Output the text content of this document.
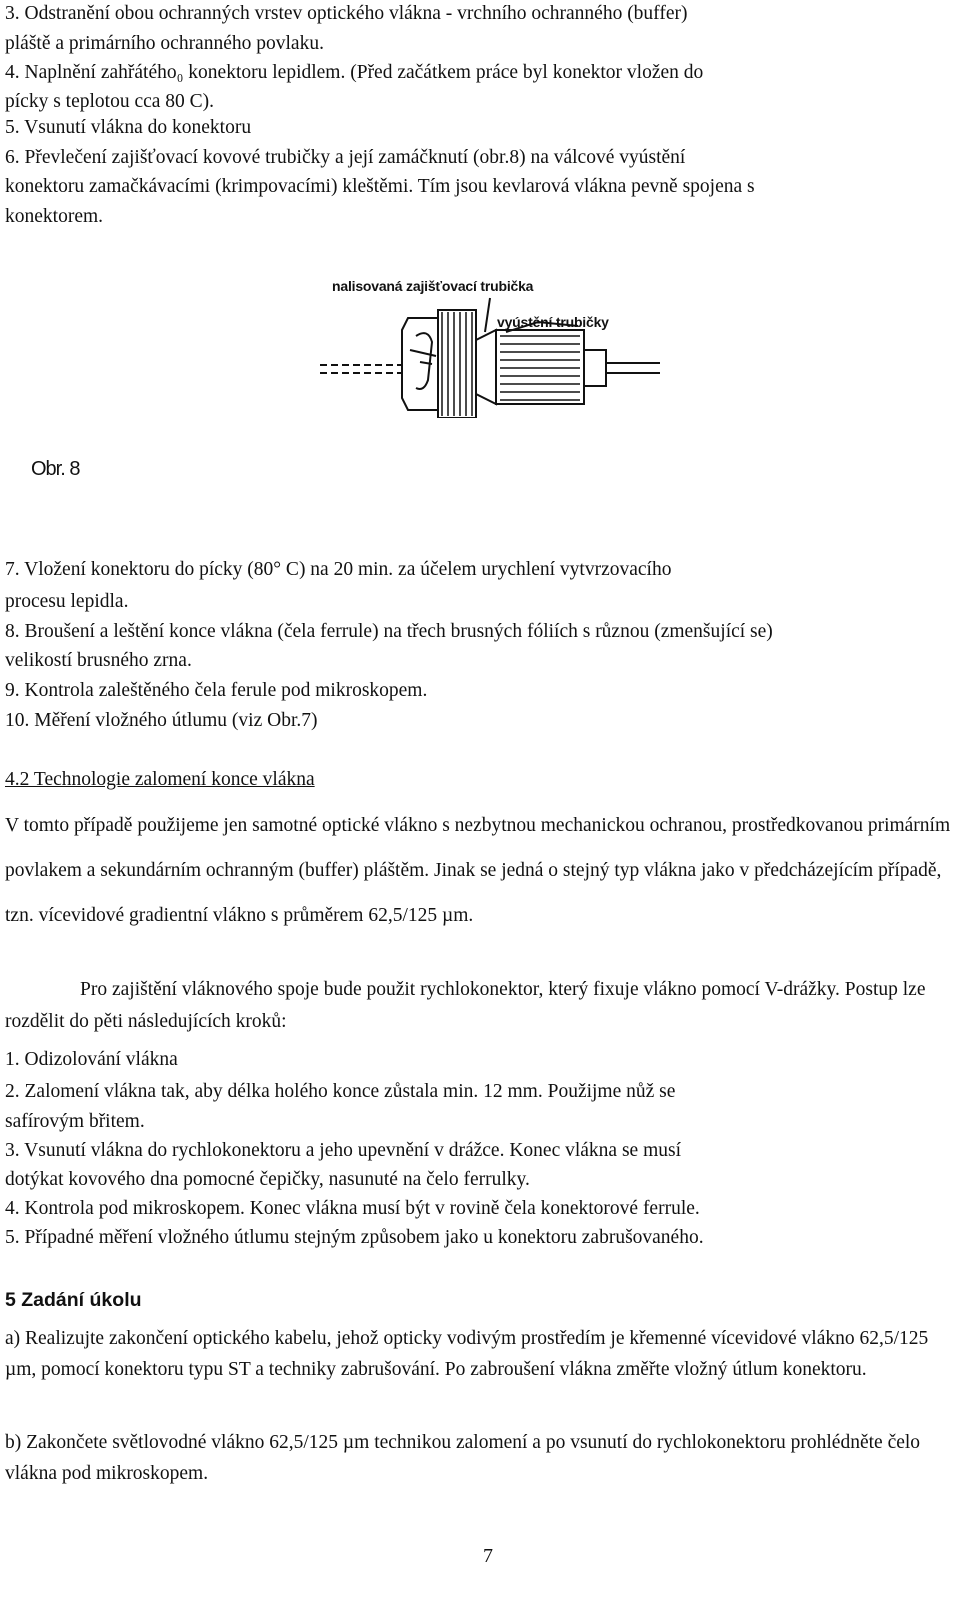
3. Odstranění obou ochranných vrstev optického vlákna - vrchního ochranného (buffer)
pláště a primárního ochranného povlaku.
4. Naplnění zahřátého₀ konektoru lepidlem. (Před začátkem práce byl konektor vložen do
pícky s teplotou cca 80 C).
5. Vsunutí vlákna do konektoru
6. Převlečení zajišťovací kovové trubičky a její zamáčknutí (obr.8) na válcové vyústění
konektoru zamačkávacími (krimpovacími) kleštěmi. Tím jsou kevlarová vlákna pevně spojena s
konektorem.
nalisovaná zajišťovací trubička
vyústění trubičky
Obr. 8
7. Vložení konektoru do pícky (80° C) na 20 min. za účelem urychlení vytvrzovacího
procesu lepidla.
8. Broušení a leštění konce vlákna (čela ferrule) na třech brusných fóliích s různou (zmenšující se)
velikostí brusného zrna.
9. Kontrola zaleštěného čela ferule pod mikroskopem.
10. Měření vložného útlumu (viz Obr.7)
4.2 Technologie zalomení konce vlákna
V tomto případě použijeme jen samotné optické vlákno s nezbytnou mechanickou ochranou, prostředkovanou primárním povlakem a sekundárním ochranným (buffer) pláštěm. Jinak se jedná o stejný typ vlákna jako v předcházejícím případě, tzn. vícevidové gradientní vlákno s průměrem 62,5/125 µm.
Pro zajištění vláknového spoje bude použit rychlokonektor, který fixuje vlákno pomocí V-drážky. Postup lze rozdělit do pěti následujících kroků:
1. Odizolování vlákna
2. Zalomení vlákna tak, aby délka holého konce zůstala min. 12 mm. Použijme nůž se
safírovým břitem.
3. Vsunutí vlákna do rychlokonektoru a jeho upevnění v drážce. Konec vlákna se musí
dotýkat kovového dna pomocné čepičky, nasunuté na čelo ferrulky.
4. Kontrola pod mikroskopem. Konec vlákna musí být v rovině čela konektorové ferrule.
5. Případné měření vložného útlumu stejným způsobem jako u konektoru zabrušovaného.
5 Zadání úkolu
a) Realizujte zakončení optického kabelu, jehož opticky vodivým prostředím je křemenné vícevidové vlákno 62,5/125 µm, pomocí konektoru typu ST a techniky zabrušování. Po zabroušení vlákna změřte vložný útlum konektoru.
b) Zakončete světlovodné vlákno 62,5/125 µm technikou zalomení a po vsunutí do rychlokonektoru prohlédněte čelo vlákna pod mikroskopem.
7
